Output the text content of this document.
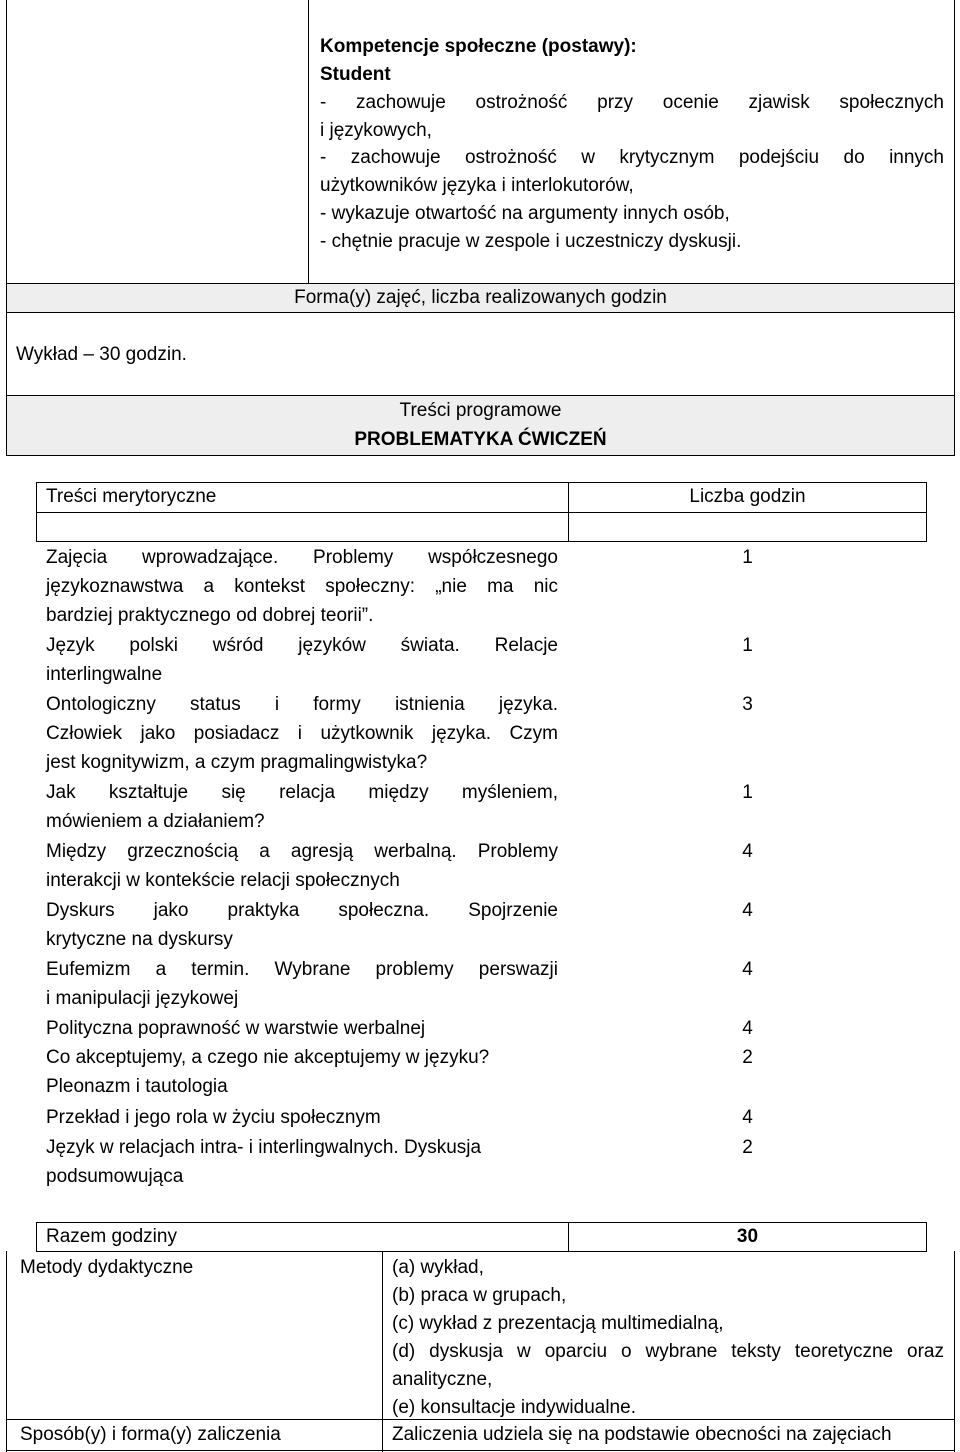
Kompetencje społeczne (postawy):
Student
- zachowuje ostrożność przy ocenie zjawisk społecznych
i językowych,
- zachowuje ostrożność w krytycznym podejściu do innych
użytkowników języka i interlokutorów,
- wykazuje otwartość na argumenty innych osób,
- chętnie pracuje w zespole i uczestniczy dyskusji.
Forma(y) zajęć, liczba realizowanych godzin
Wykład – 30 godzin.
Treści programowe
PROBLEMATYKA ĆWICZEŃ
Treści merytoryczne	Liczba godzin
Zajęcia wprowadzające. Problemy współczesnego
językoznawstwa a kontekst społeczny: „nie ma nic
bardziej praktycznego od dobrej teorii”.
1
Język polski wśród języków świata. Relacje
interlingwalne
1
Ontologiczny status i formy istnienia języka.
Człowiek jako posiadacz i użytkownik języka. Czym
jest kognitywizm, a czym pragmalingwistyka?
3
Jak kształtuje się relacja między myśleniem,
mówieniem a działaniem?
1
Między grzecznością a agresją werbalną. Problemy
interakcji w kontekście relacji społecznych
4
Dyskurs jako praktyka społeczna. Spojrzenie
krytyczne na dyskursy
4
Eufemizm a termin. Wybrane problemy perswazji
i manipulacji językowej
4
Polityczna poprawność w warstwie werbalnej	4
Co akceptujemy, a czego nie akceptujemy w języku?
Pleonazm i tautologia
2
Przekład i jego rola w życiu społecznym	4
Język w relacjach intra- i interlingwalnych. Dyskusja
podsumowująca
2
Razem godziny	30
Metody dydaktyczne	(a) wykład,
(b) praca w grupach,
(c) wykład z prezentacją multimedialną,
(d) dyskusja w oparciu o wybrane teksty teoretyczne oraz
analityczne,
(e) konsultacje indywidualne.
Sposób(y) i forma(y) zaliczenia	Zaliczenia udziela się na podstawie obecności na zajęciach
